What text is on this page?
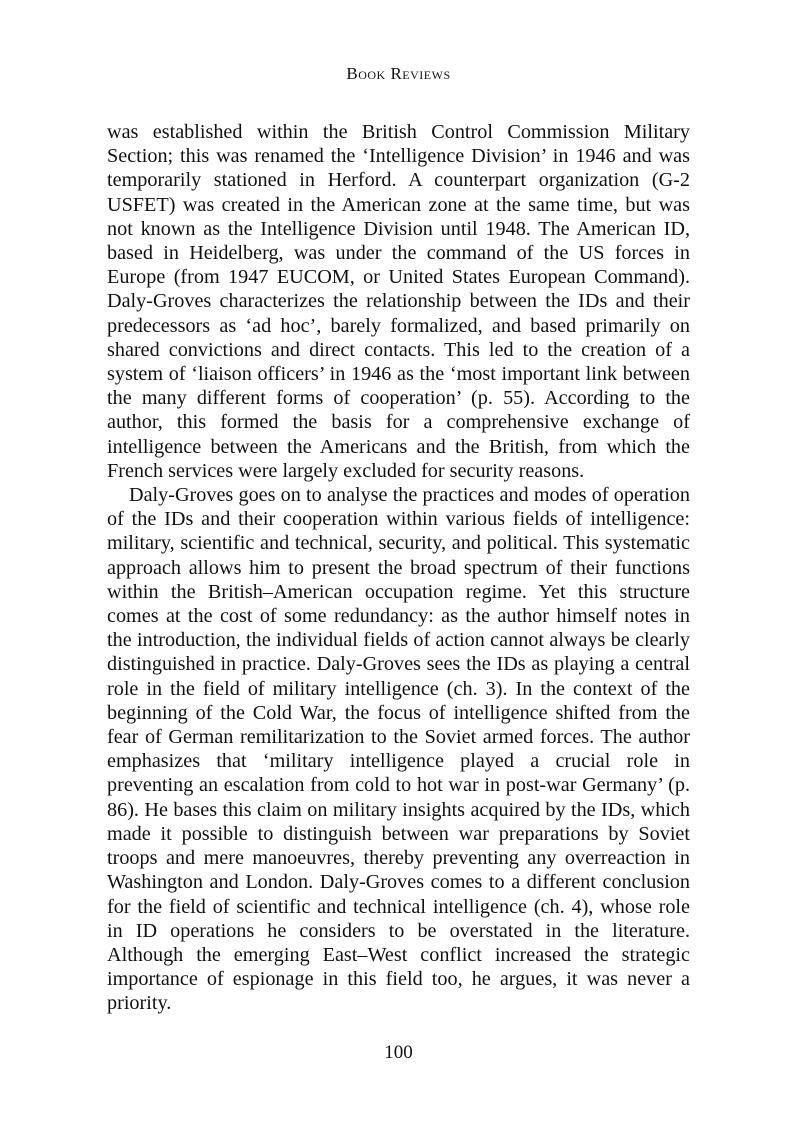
Book Reviews

was established within the British Control Commission Military Section; this was renamed the ‘Intelligence Division’ in 1946 and was temporarily stationed in Herford. A counterpart organization (G-2 USFET) was created in the American zone at the same time, but was not known as the Intelligence Division until 1948. The American ID, based in Heidelberg, was under the command of the US forces in Europe (from 1947 EUCOM, or United States European Command). Daly-Groves characterizes the relationship between the IDs and their predecessors as ‘ad hoc’, barely formalized, and based primarily on shared convictions and direct contacts. This led to the creation of a system of ‘liaison officers’ in 1946 as the ‘most important link between the many different forms of cooperation’ (p. 55). According to the author, this formed the basis for a comprehensive exchange of intelligence between the Americans and the British, from which the French services were largely excluded for security reasons.

Daly-Groves goes on to analyse the practices and modes of operation of the IDs and their cooperation within various fields of intelligence: military, scientific and technical, security, and political. This systematic approach allows him to present the broad spectrum of their functions within the British–American occupation regime. Yet this structure comes at the cost of some redundancy: as the author himself notes in the introduction, the individual fields of action cannot always be clearly distinguished in practice. Daly-Groves sees the IDs as playing a central role in the field of military intelligence (ch. 3). In the context of the beginning of the Cold War, the focus of intelligence shifted from the fear of German remilitarization to the Soviet armed forces. The author emphasizes that ‘military intelligence played a crucial role in preventing an escalation from cold to hot war in post-war Germany’ (p. 86). He bases this claim on military insights acquired by the IDs, which made it possible to distinguish between war preparations by Soviet troops and mere manoeuvres, thereby preventing any overreaction in Washington and London. Daly-Groves comes to a different conclusion for the field of scientific and technical intelligence (ch. 4), whose role in ID operations he considers to be overstated in the literature. Although the emerging East–West conflict increased the strategic importance of espionage in this field too, he argues, it was never a priority.

100
